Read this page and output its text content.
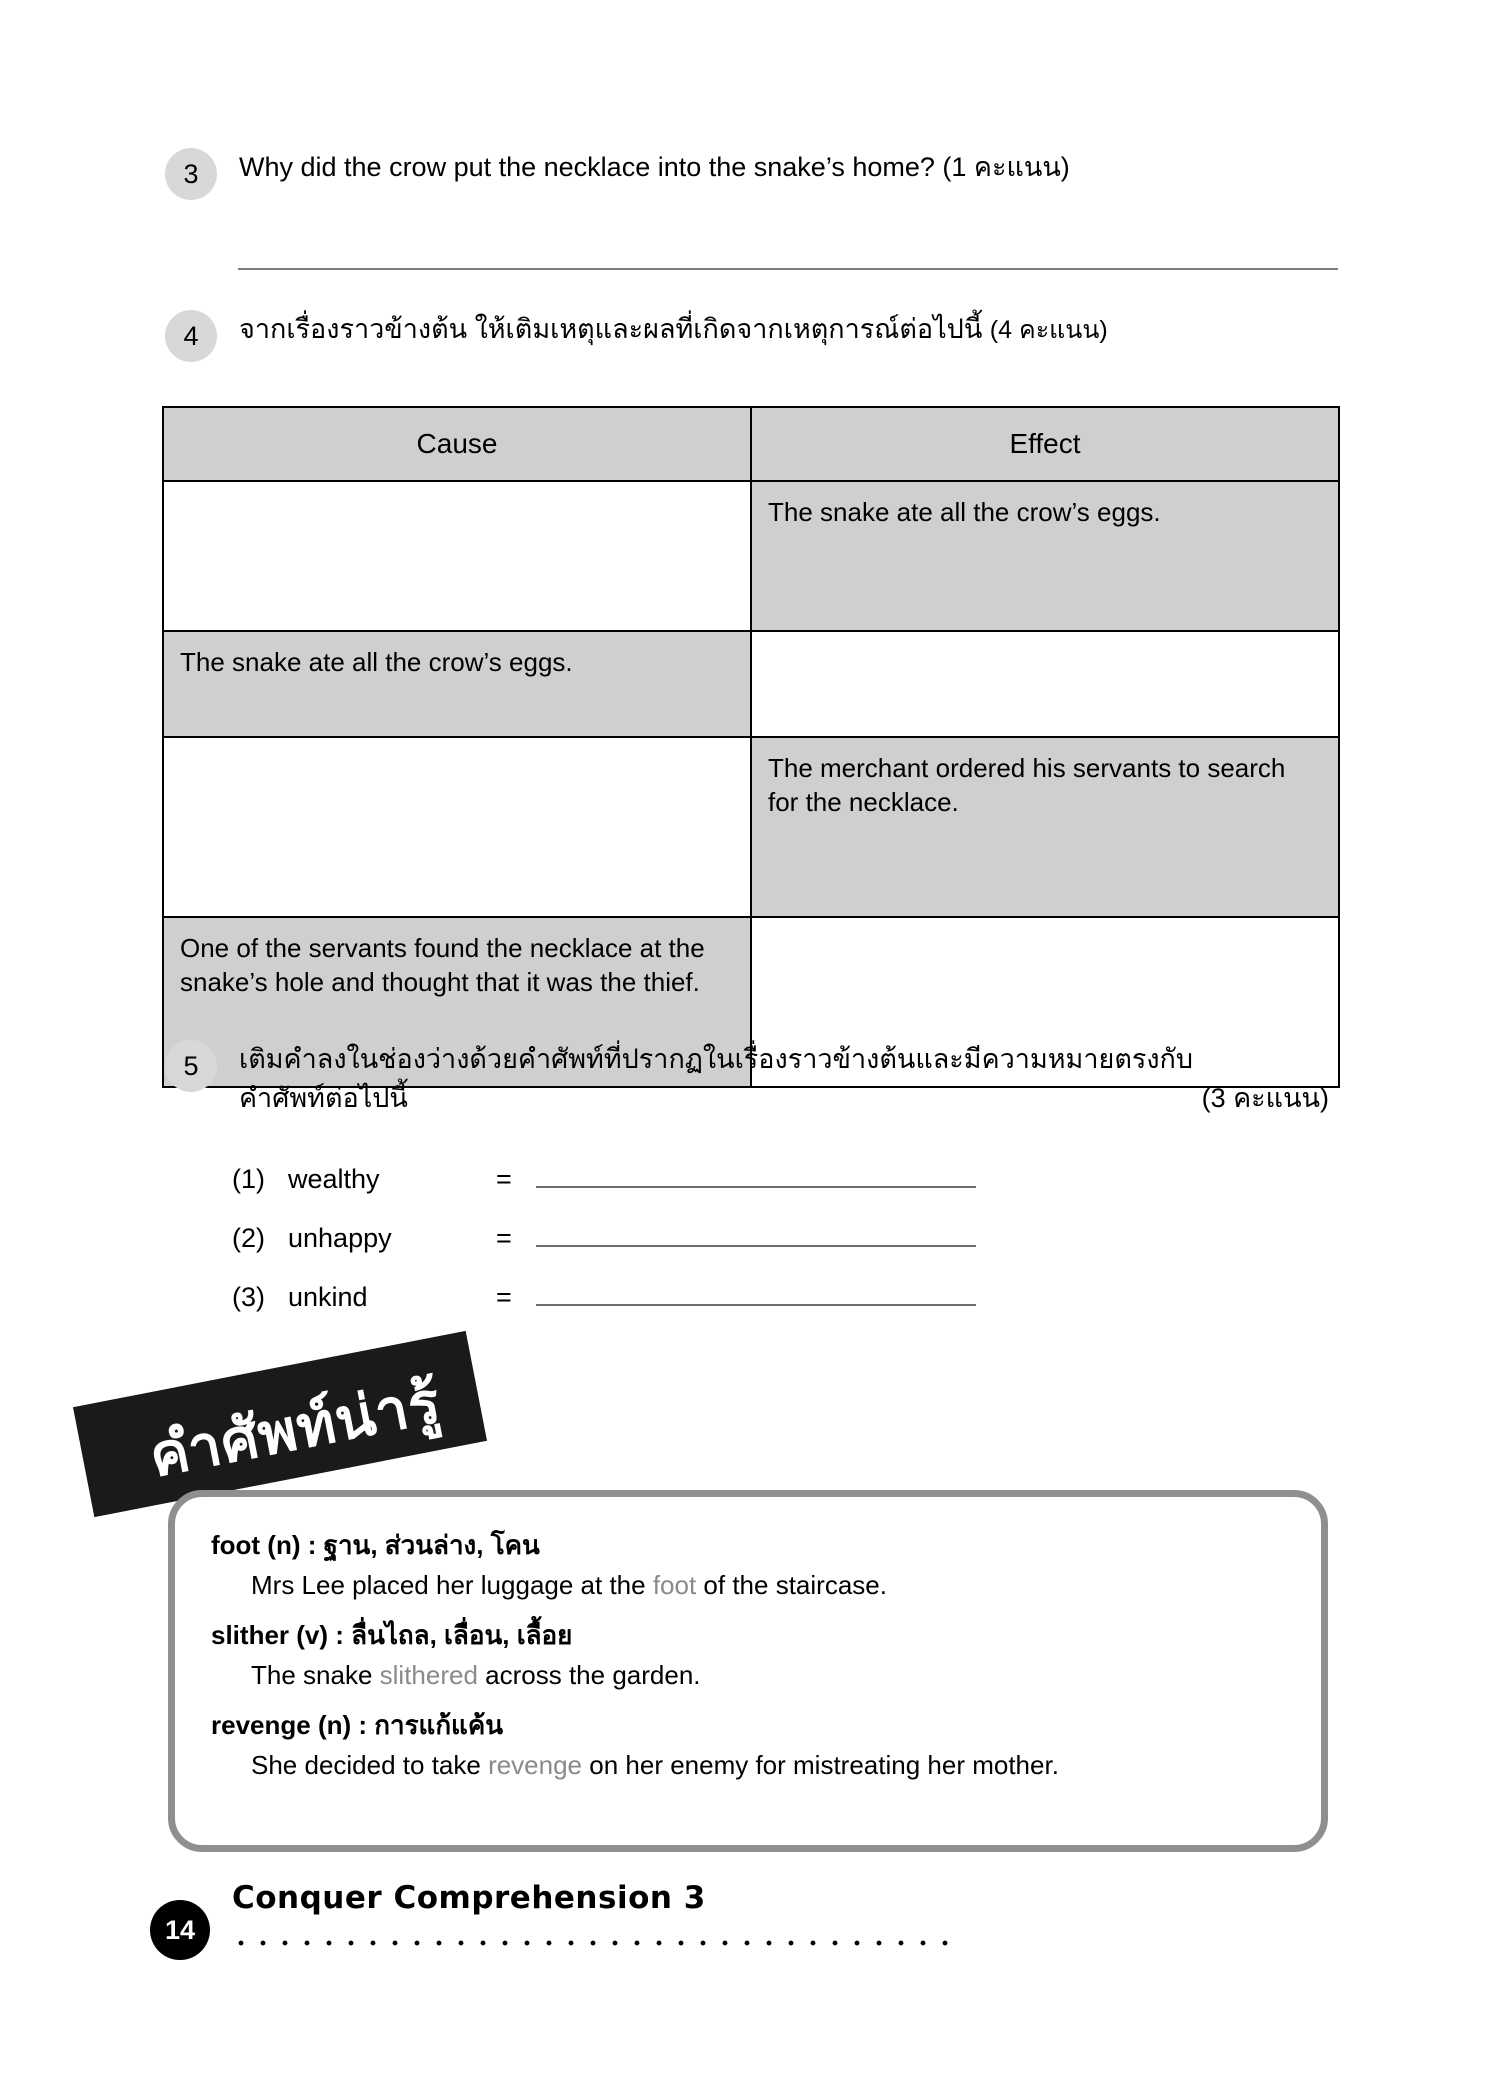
3	Why did the crow put the necklace into the snake’s home? (1 คะแนน)
4	จากเรื่องราวข้างต้น ให้เติมเหตุและผลที่เกิดจากเหตุการณ์ต่อไปนี้ (4 คะแนน)
Cause	Effect
	The snake ate all the crow’s eggs.
The snake ate all the crow’s eggs.	
	The merchant ordered his servants to search for the necklace.
One of the servants found the necklace at the snake’s hole and thought that it was the thief.	
5	เติมคำลงในช่องว่างด้วยคำศัพท์ที่ปรากฏในเรื่องราวข้างต้นและมีความหมายตรงกับ
คำศัพท์ต่อไปนี้	(3 คะแนน)
(1) wealthy	=
(2) unhappy	=
(3) unkind	=
คำศัพท์น่ารู้
foot (n) : ฐาน, ส่วนล่าง, โคน
Mrs Lee placed her luggage at the foot of the staircase.
slither (v) : ลื่นไถล, เลื่อน, เลื้อย
The snake slithered across the garden.
revenge (n) : การแก้แค้น
She decided to take revenge on her enemy for mistreating her mother.
14
Conquer Comprehension 3
